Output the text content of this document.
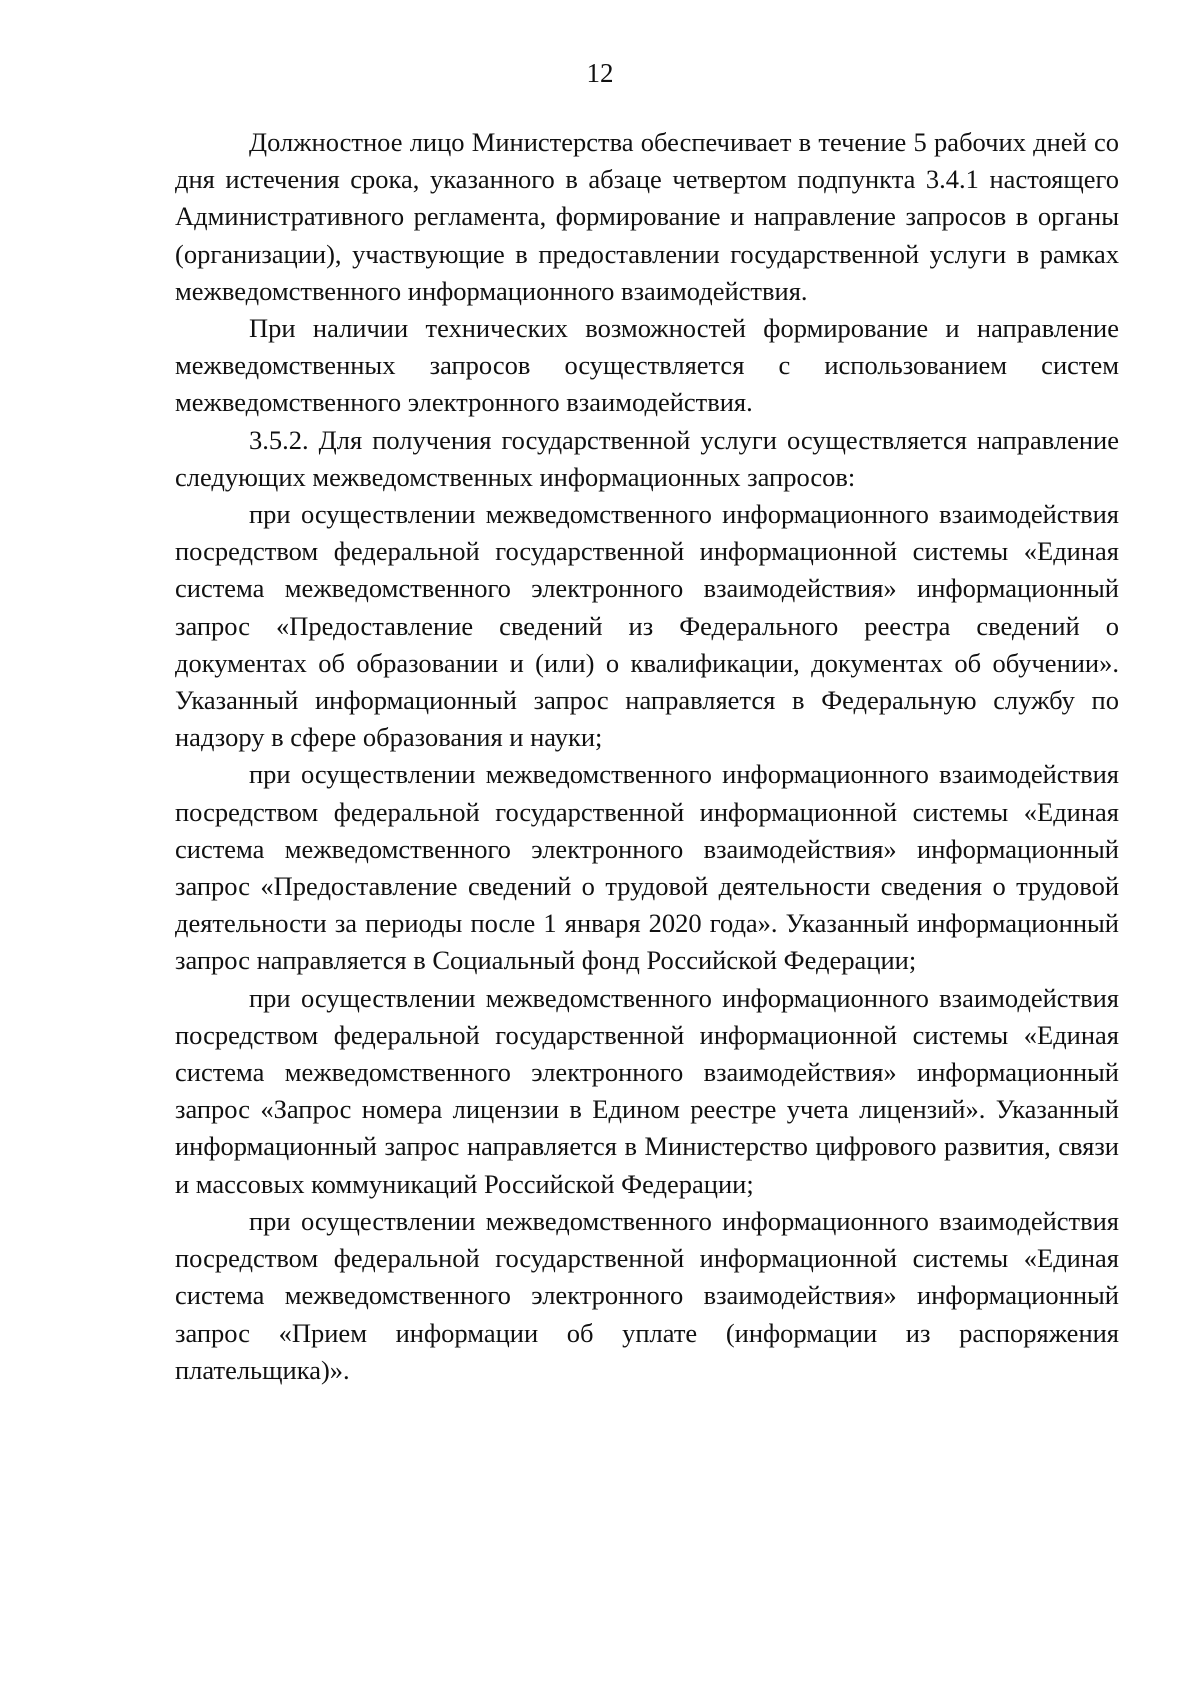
12

Должностное лицо Министерства обеспечивает в течение 5 рабочих дней со дня истечения срока, указанного в абзаце четвертом подпункта 3.4.1 настоящего Административного регламента, формирование и направление запросов в органы (организации), участвующие в предоставлении государственной услуги в рамках межведомственного информационного взаимодействия.

При наличии технических возможностей формирование и направление межведомственных запросов осуществляется с использованием систем межведомственного электронного взаимодействия.

3.5.2. Для получения государственной услуги осуществляется направление следующих межведомственных информационных запросов:

при осуществлении межведомственного информационного взаимодействия посредством федеральной государственной информационной системы «Единая система межведомственного электронного взаимодействия» информационный запрос «Предоставление сведений из Федерального реестра сведений о документах об образовании и (или) о квалификации, документах об обучении». Указанный информационный запрос направляется в Федеральную службу по надзору в сфере образования и науки;

при осуществлении межведомственного информационного взаимодействия посредством федеральной государственной информационной системы «Единая система межведомственного электронного взаимодействия» информационный запрос «Предоставление сведений о трудовой деятельности сведения о трудовой деятельности за периоды после 1 января 2020 года». Указанный информационный запрос направляется в Социальный фонд Российской Федерации;

при осуществлении межведомственного информационного взаимодействия посредством федеральной государственной информационной системы «Единая система межведомственного электронного взаимодействия» информационный запрос «Запрос номера лицензии в Едином реестре учета лицензий». Указанный информационный запрос направляется в Министерство цифрового развития, связи и массовых коммуникаций Российской Федерации;

при осуществлении межведомственного информационного взаимодействия посредством федеральной государственной информационной системы «Единая система межведомственного электронного взаимодействия» информационный запрос «Прием информации об уплате (информации из распоряжения плательщика)».
